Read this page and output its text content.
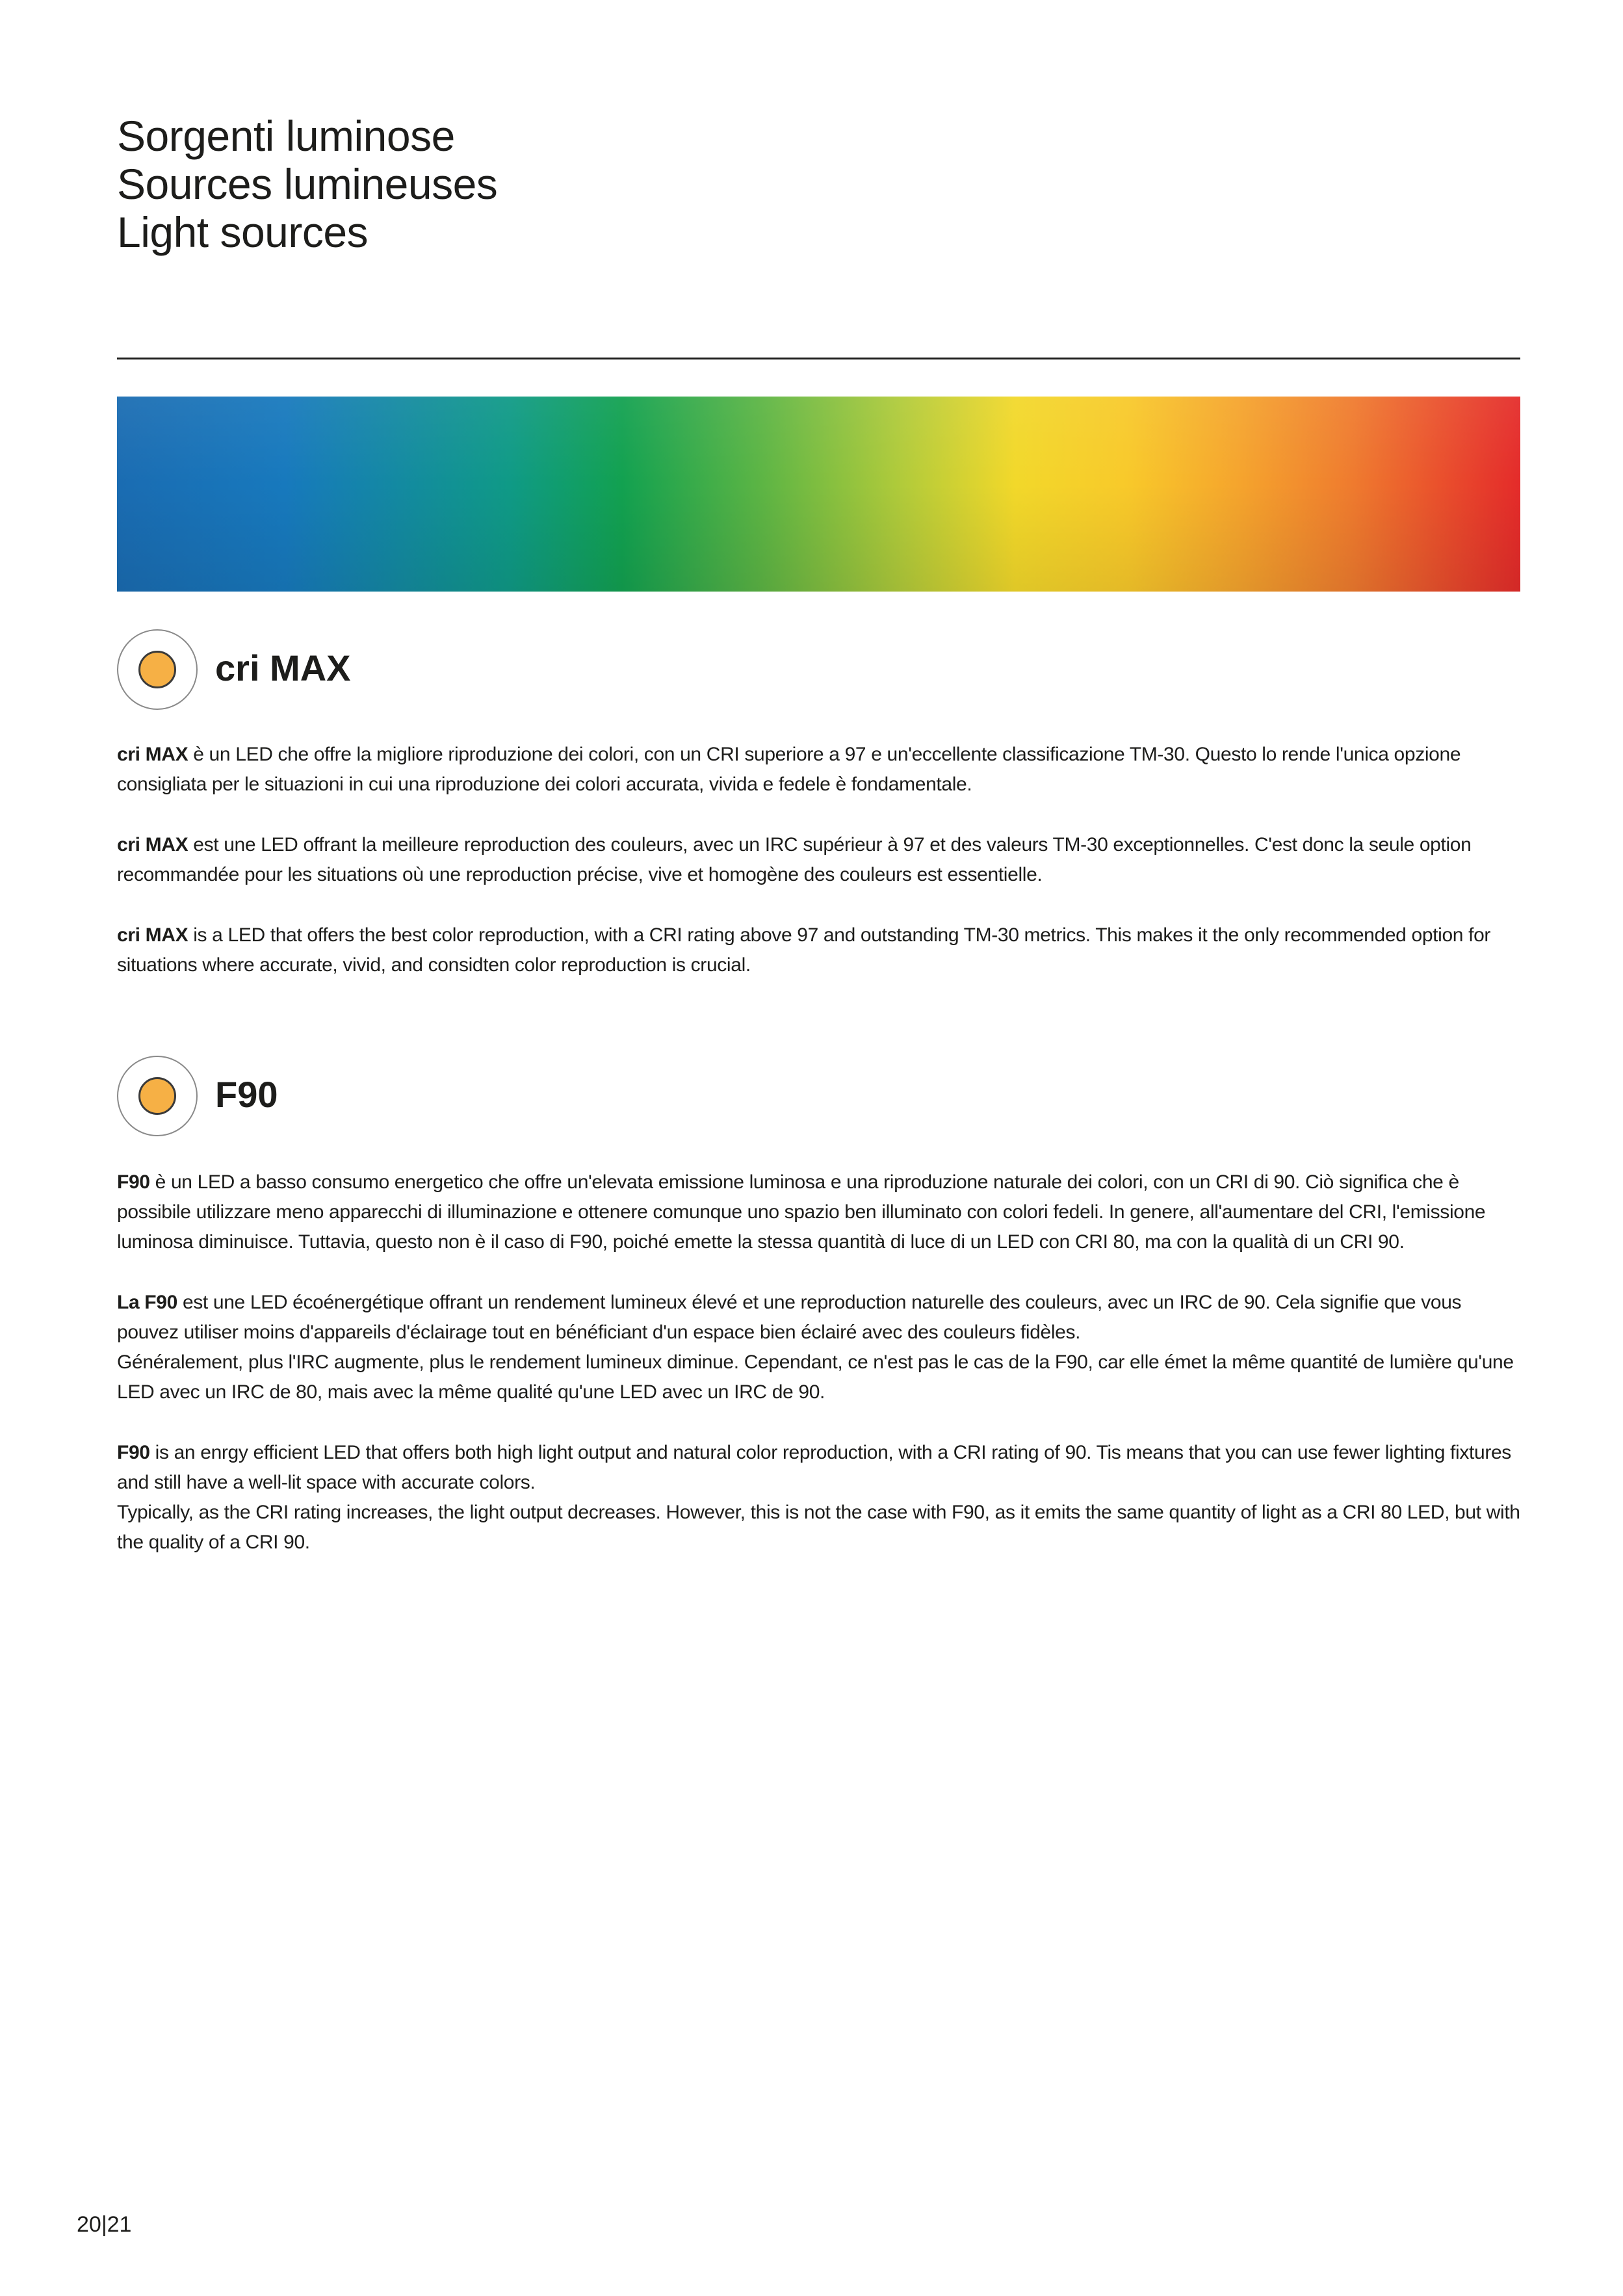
Sorgenti luminose
Sources lumineuses
Light sources
cri MAX

cri MAX è un LED che offre la migliore riproduzione dei colori, con un CRI superiore a 97 e un'eccellente classificazione TM-30. Questo lo rende l'unica opzione consigliata per le situazioni in cui una riproduzione dei colori accurata, vivida e fedele è fondamentale.

cri MAX est une LED offrant la meilleure reproduction des couleurs, avec un IRC supérieur à 97 et des valeurs TM-30 exceptionnelles. C'est donc la seule option recommandée pour les situations où une reproduction précise, vive et homogène des couleurs est essentielle.

cri MAX is a LED that offers the best color reproduction, with a CRI rating above 97 and outstanding TM-30 metrics. This makes it the only recommended option for situations where accurate, vivid, and considten color reproduction is crucial.

F90

F90 è un LED a basso consumo energetico che offre un'elevata emissione luminosa e una riproduzione naturale dei colori, con un CRI di 90. Ciò significa che è possibile utilizzare meno apparecchi di illuminazione e ottenere comunque uno spazio ben illuminato con colori fedeli. In genere, all'aumentare del CRI, l'emissione luminosa diminuisce. Tuttavia, questo non è il caso di F90, poiché emette la stessa quantità di luce di un LED con CRI 80, ma con la qualità di un CRI 90.

La F90 est une LED écoénergétique offrant un rendement lumineux élevé et une reproduction naturelle des couleurs, avec un IRC de 90. Cela signifie que vous pouvez utiliser moins d'appareils d'éclairage tout en bénéficiant d'un espace bien éclairé avec des couleurs fidèles.
Généralement, plus l'IRC augmente, plus le rendement lumineux diminue. Cependant, ce n'est pas le cas de la F90, car elle émet la même quantité de lumière qu'une LED avec un IRC de 80, mais avec la même qualité qu'une LED avec un IRC de 90.

F90 is an enrgy efficient LED that offers both high light output and natural color reproduction, with a CRI rating of 90. Tis means that you can use fewer lighting fixtures and still have a well-lit space with accurate colors.
Typically, as the CRI rating increases, the light output decreases. However, this is not the case with F90, as it emits the same quantity of light as a CRI 80 LED, but with the quality of a CRI 90.

20|21
